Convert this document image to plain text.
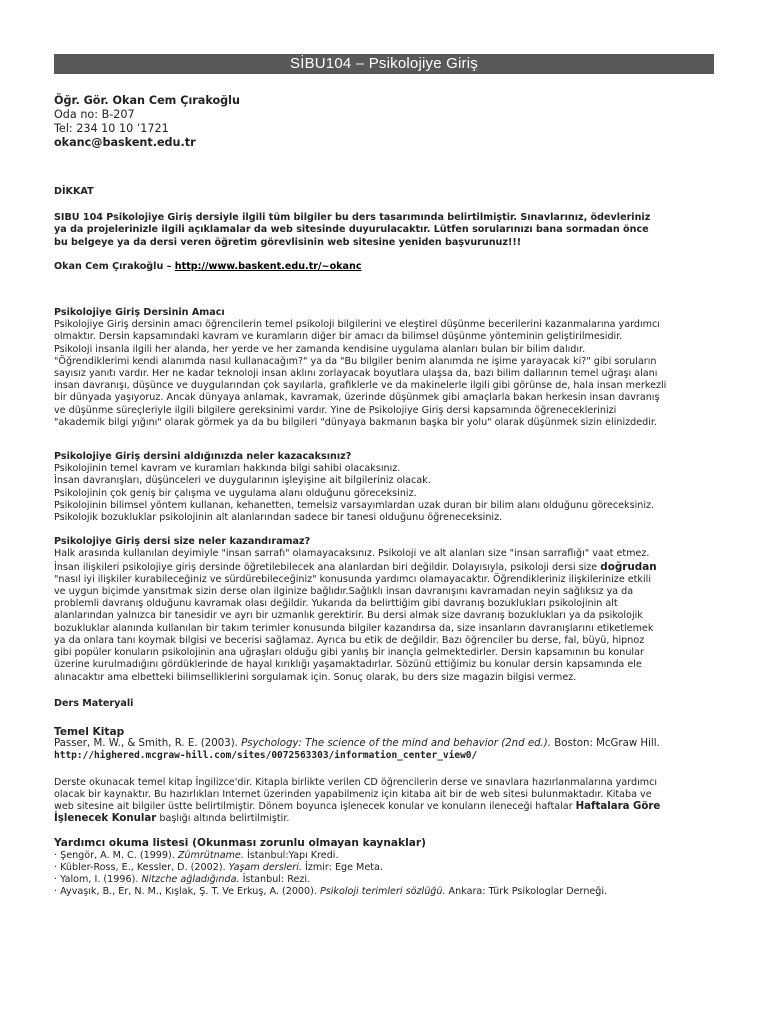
SİBU104 – Psikolojiye Giriş
Öğr. Gör. Okan Cem Çırakoğlu
Oda no: B-207
Tel: 234 10 10 ’1721
okanc@baskent.edu.tr

DİKKAT

SIBU 104 Psikolojiye Giriş dersiyle ilgili tüm bilgiler bu ders tasarımında belirtilmiştir. Sınavlarınız, ödevleriniz

ya da projelerinizle ilgili açıklamalar da web sitesinde duyurulacaktır. Lütfen sorularınızı bana sormadan önce

bu belgeye ya da dersi veren öğretim görevlisinin web sitesine yeniden başvurunuz!!!

Okan Cem Çırakoğlu – http://www.baskent.edu.tr/~okanc

Psikolojiye Giriş Dersinin Amacı

Psikolojiye Giriş dersinin amacı öğrencilerin temel psikoloji bilgilerini ve eleştirel düşünme becerilerini kazanmalarına yardımcı

olmaktır. Dersin kapsamındaki kavram ve kuramların diğer bir amacı da bilimsel düşünme yönteminin geliştirilmesidir.

Psikoloji insanla ilgili her alanda, her yerde ve her zamanda kendisine uygulama alanları bulan bir bilim dalıdır.

"Öğrendiklerimi kendi alanımda nasıl kullanacağım?" ya da "Bu bilgiler benim alanımda ne işime yarayacak ki?" gibi soruların

sayısız yanıtı vardır. Her ne kadar teknoloji insan aklını zorlayacak boyutlara ulaşsa da, bazı bilim dallarının temel uğraşı alanı

insan davranışı, düşünce ve duygularından çok sayılarla, grafiklerle ve da makinelerle ilgili gibi görünse de, hala insan merkezli

bir dünyada yaşıyoruz. Ancak dünyaya anlamak, kavramak, üzerinde düşünmek gibi amaçlarla bakan herkesin insan davranış

ve düşünme süreçleriyle ilgili bilgilere gereksinimi vardır. Yine de Psikolojiye Giriş dersi kapsamında öğreneceklerinizi

"akademik bilgi yığını" olarak görmek ya da bu bilgileri "dünyaya bakmanın başka bir yolu" olarak düşünmek sizin elinizdedir.

Psikolojiye Giriş dersini aldığınızda neler kazacaksınız?

Psikolojinin temel kavram ve kuramları hakkında bilgi sahibi olacaksınız.

İnsan davranışları, düşünceleri ve duygularının işleyişine ait bilgileriniz olacak.

Psikolojinin çok geniş bir çalışma ve uygulama alanı olduğunu göreceksiniz.

Psikolojinin bilimsel yöntem kullanan, kehanetten, temelsiz varsayımlardan uzak duran bir bilim alanı olduğunu göreceksiniz.

Psikolojik bozukluklar psikolojinin alt alanlarından sadece bir tanesi olduğunu öğreneceksiniz.

Psikolojiye Giriş dersi size neler kazandıramaz?

Halk arasında kullanılan deyimiyle "insan sarrafı" olamayacaksınız. Psikoloji ve alt alanları size "insan sarraflığı" vaat etmez.

İnsan ilişkileri psikolojiye giriş dersinde öğretilebilecek ana alanlardan biri değildir. Dolayısıyla, psikoloji dersi size doğrudan

"nasıl iyi ilişkiler kurabileceğiniz ve sürdürebileceğiniz" konusunda yardımcı olamayacaktır. Öğrendikleriniz ilişkilerinize etkili

ve uygun biçimde yansıtmak sizin derse olan ilginize bağlıdır.Sağlıklı insan davranışını kavramadan neyin sağlıksız ya da

problemli davranış olduğunu kavramak olası değildir. Yukarıda da belirttiğim gibi davranış bozuklukları psikolojinin alt

alanlarından yalnızca bir tanesidir ve ayrı bir uzmanlık gerektirir. Bu dersi almak size davranış bozuklukları ya da psikolojik

bozukluklar alanında kullanılan bir takım terimler konusunda bilgiler kazandırsa da, size insanların davranışlarını etiketlemek

ya da onlara tanı koymak bilgisi ve becerisi sağlamaz. Ayrıca bu etik de değildir. Bazı öğrenciler bu derse, fal, büyü, hipnoz

gibi popüler konuların psikolojinin ana uğraşları olduğu gibi yanlış bir inançla gelmektedirler. Dersin kapsamının bu konular

üzerine kurulmadığını gördüklerinde de hayal kırıklığı yaşamaktadırlar. Sözünü ettiğimiz bu konular dersin kapsamında ele

alınacaktır ama elbetteki bilimselliklerini sorgulamak için. Sonuç olarak, bu ders size magazin bilgisi vermez.

Ders Materyali

Temel Kitap

Passer, M. W., & Smith, R. E. (2003). Psychology: The science of the mind and behavior (2nd ed.). Boston: McGraw Hill.

http://highered.mcgraw-hill.com/sites/0072563303/information_center_view0/

Derste okunacak temel kitap İngilizce'dir. Kitapla birlikte verilen CD öğrencilerin derse ve sınavlara hazırlanmalarına yardımcı

olacak bir kaynaktır. Bu hazırlıkları Internet üzerinden yapabilmeniz için kitaba ait bir de web sitesi bulunmaktadır. Kitaba ve

web sitesine ait bilgiler üstte belirtilmiştir. Dönem boyunca işlenecek konular ve konuların ileneceği haftalar Haftalara Göre

İşlenecek Konular başlığı altında belirtilmiştir.

Yardımcı okuma listesi (Okunması zorunlu olmayan kaynaklar)

· Şengör, A. M. C. (1999). Zümrütname. İstanbul:Yapı Kredi.

· Kübler-Ross, E., Kessler, D. (2002). Yaşam dersleri. İzmir: Ege Meta.

· Yalom, I. (1996). Nitzche ağladığında. İstanbul: Rezi.

· Ayvaşık, B., Er, N. M., Kışlak, Ş. T. Ve Erkuş, A. (2000). Psikoloji terimleri sözlüğü. Ankara: Türk Psikologlar Derneği.
